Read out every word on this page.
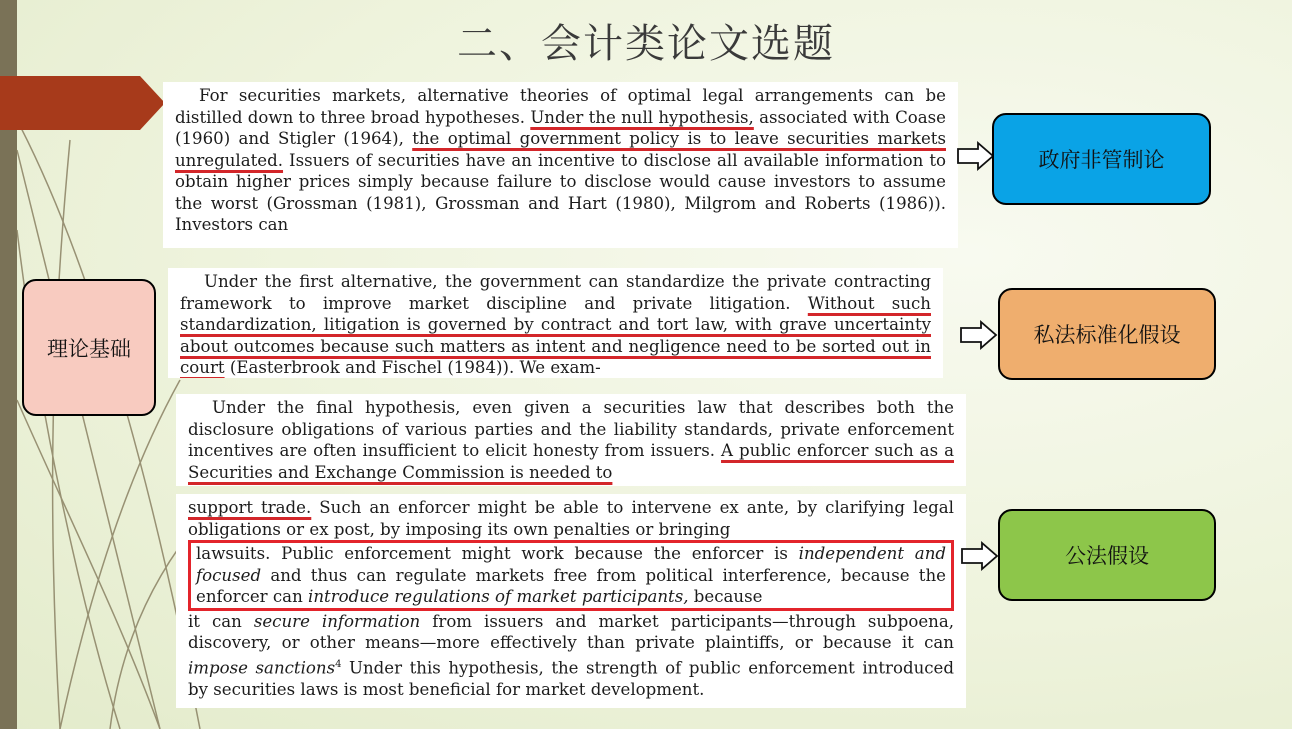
二、会计类论文选题

For securities markets, alternative theories of optimal legal arrangements can be distilled down to three broad hypotheses. Under the null hypothesis, associated with Coase (1960) and Stigler (1964), the optimal government policy is to leave securities markets unregulated. Issuers of securities have an incentive to disclose all available information to obtain higher prices simply because failure to disclose would cause investors to assume the worst (Grossman (1981), Grossman and Hart (1980), Milgrom and Roberts (1986)). Investors can

Under the first alternative, the government can standardize the private contracting framework to improve market discipline and private litigation. Without such standardization, litigation is governed by contract and tort law, with grave uncertainty about outcomes because such matters as intent and negligence need to be sorted out in court (Easterbrook and Fischel (1984)). We exam-

Under the final hypothesis, even given a securities law that describes both the disclosure obligations of various parties and the liability standards, private enforcement incentives are often insufficient to elicit honesty from issuers. A public enforcer such as a Securities and Exchange Commission is needed to

support trade. Such an enforcer might be able to intervene ex ante, by clarifying legal obligations or ex post, by imposing its own penalties or bringing

lawsuits. Public enforcement might work because the enforcer is independent and focused and thus can regulate markets free from political interference, because the enforcer can introduce regulations of market participants, because

it can secure information from issuers and market participants—through subpoena, discovery, or other means—more effectively than private plaintiffs, or because it can impose sanctions$^4$ Under this hypothesis, the strength of public enforcement introduced by securities laws is most beneficial for market development.

理论基础
政府非管制论
私法标准化假设
公法假设
